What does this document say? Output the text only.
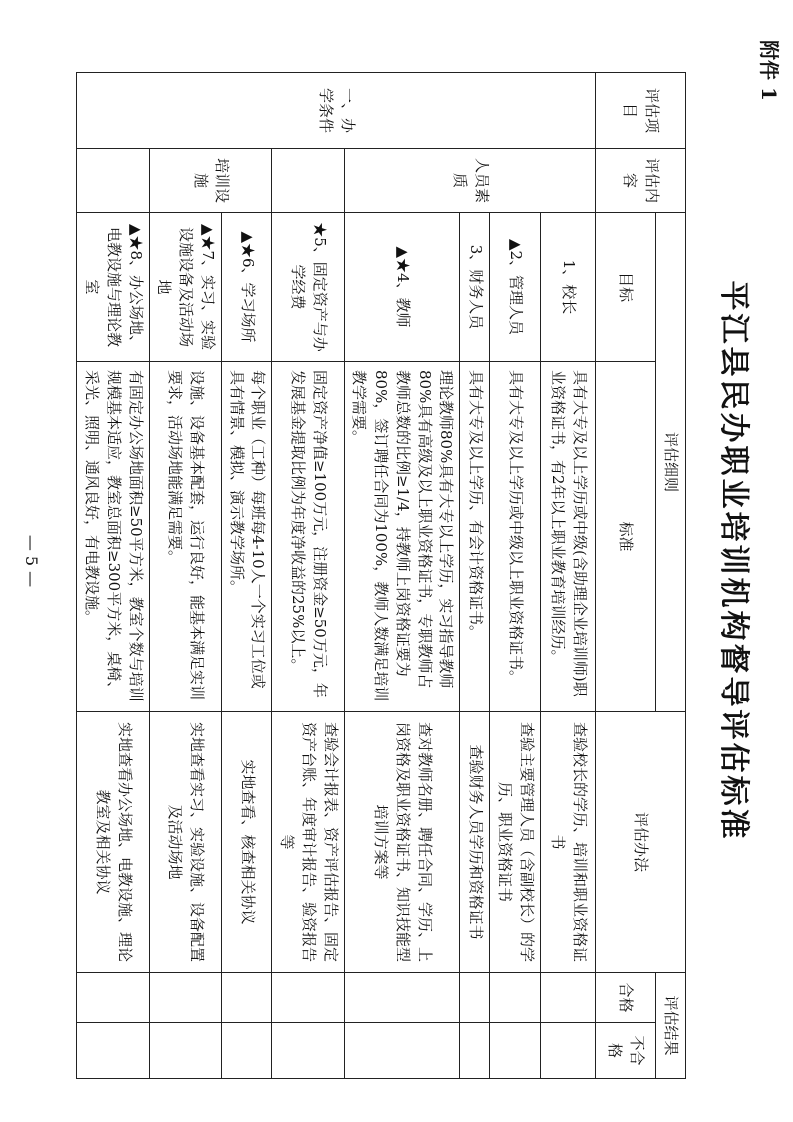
附件 1
平江县民办职业培训机构督导评估标准
评估项目	评估内容	评估细则		评估办法	评估结果	
		目标	标准		合格	不合格

一、办学条件	人员素质	1、校长	具有大专及以上学历或中级(含助理企业培训师)职业资格证书，有2年以上职业教育培训经历。	查验校长的学历、培训和职业资格证书		
		▲2、管理人员	具有大专及以上学历或中级以上职业资格证书。	查验主要管理人员（含副校长）的学历、职业资格证书		
		3、财务人员	具有大专及以上学历、有会计资格证书。	查验财务人员学历和资格证书		
		▲★4、教师	理论教师80%具有大专以上学历，实习指导教师80%具有高级及以上职业资格证书，专职教师占教师总数的比例≥1/4，持教师上岗资格证要为80%，签订聘任合同为100%，教师人数满足培训教学需要。	查对教师名册、聘任合同、学历、上岗资格及职业资格证书、知识技能型培训方案等		
		★5、固定资产与办学经费	固定资产净值≥100万元，注册资金≥50万元，年发展基金提取比例为年度净收益的25%以上。	查验会计报表、资产评估报告、固定资产台账、年度审计报告、验资报告等		
	培训设施	▲★6、学习场所	每个职业（工种）每班每4-10人一个实习工位或具有情景、模拟、演示教学场所。	实地查看、核查相关协议		
		▲★7、实习、实验设施设备及活动场地	设施、设备基本配套，运行良好，能基本满足实训要求，活动场地能满足需要。	实地查看实习、实验设施、设备配置及活动场地		
		▲★8、办公场地、电教设施与理论教室	有固定办公场地面积≥50平方米，教室个数与培训规模基本适应，教室总面积≥300平方米，桌椅、采光、照明、通风良好，有电教设施。	实地查看办公场地、电教设施、理论教室及相关协议		
— 5 —
